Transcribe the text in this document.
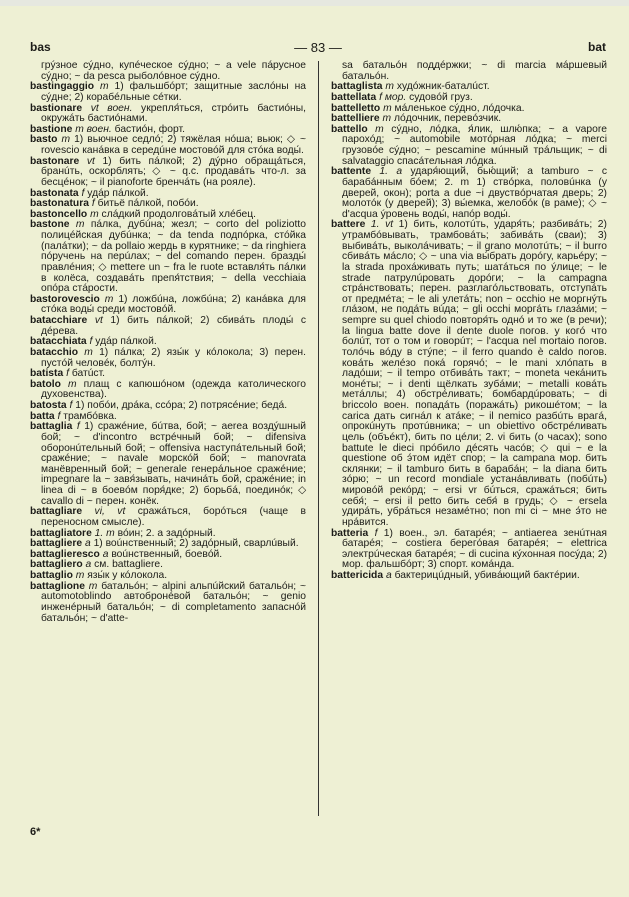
bas	— 83 —	bat

грýзное сýдно, купéческое сýдно; ~ a vele пáрусное сýдно; ~ da pesca рыболóвное сýдно.

bastingaggio m 1) фальшбóрт; защитные заслóны на сýдне; 2) корабéльные сéтки.

bastionare vt воен. укрепля́ться, стрóить бастиóны, окружáть бастиóнами.

bastione m воен. бастиóн, форт.

basto m 1) вьючное седлó; 2) тяжёлая нóша; вьюк; ◇ ~ rovescio канáвка в середúне мостовóй для стóка воды́.

bastonare vt 1) бить пáлкой; 2) дýрно обращáться, бранúть, оскорблять; ◇ ~ q.c. продавáть что-л. за бесцéнок; ~ il pianoforte бренчáть (на рояле).

bastonata f удáр пáлкой.

bastonatura f битьё пáлкой, побóи.

bastoncello m слáдкий продолговáтый хлéбец.

bastone m пáлка, дубúна; жезл; ~ corto del poliziotto полицéйская дубúнка; ~ da tenda подпóрка, стóйка (палáтки); ~ da pollaio жердь в курятнике; ~ da ringhiera пóручень на перúлах; ~ del comando перен. бразды́ правлéния; ◇ mettere un ~ fra le ruote вставля́ть пáлки в колёса, создавáть препя́тствия; ~ della vecchiaia опóра стáрости.

bastorovescio m 1) ложбúна, ложбúна; 2) канáвка для стóка воды́ среди мостовóй.

batacchiare vt 1) бить пáлкой; 2) сбивáть плоды́ с дéрева.

batacchiata f удáр пáлкой.

batacchio m 1) пáлка; 2) язы́к у кóлокола; 3) перен. пустóй человéк, болтýн.

batista f батúст.

batolo m плащ с капюшóном (одежда католического духовенства).

batosta f 1) побóи, дрáка, ссóра; 2) потрясéние; бедá.

batta f трамбóвка.

battaglia f 1) сражéние, бúтва, бой; ~ aerea воздýшный бой; ~ d'incontro встрéчный бой; ~ difensiva оборонúтельный бой; ~ offensiva наступáтельный бой; сражéние; ~ navale морскóй бой; ~ manovrata манёвренный бой; ~ generale генерáльное сражéние; impegnare la ~ завя́зывать, начинáть бой, сражéние; in linea di ~ в боевóм поря́дке; 2) борьбá, поединóк; ◇ cavallo di ~ перен. конёк.

battagliare vi, vt сражáться, борóться (чаще в переносном смысле).

battagliatore 1. m вóин; 2. a задóрный.

battagliere a 1) воúнственный; 2) задóрный, сварлúвый.

battaglieresco a воúнственный, боевóй.

battagliero a см. battagliere.

battaglio m язы́к у кóлокола.

battaglione m батальóн; ~ alpini альпúйский батальóн; ~ automotoblindo автобронéвой батальóн; ~ genio инженéрный батальóн; ~ di completamento запаснóй батальóн; ~ d'atte-

sa батальóн поддéржки; ~ di marcia мáршевый батальóн.

battaglista m худóжник-баталúст.

battellata f мор. судовóй груз.

battelletto m мáленькое сýдно, лóдочка.

battelliere m лóдочник, перевóзчик.

battello m сýдно, лóдка, я́лик, шлю́пка; ~ a vapore парохóд; ~ automobile мотóрная лóдка; ~ merci грузовóе сýдно; ~ pescamine мúнный трáльщик; ~ di salvataggio спасáтельная лóдка.

battente 1. a ударя́ющий, бью́щий; a tamburo ~ с барабáнным бóем; 2. m 1) ствóрка, половúнка (у дверей, окон); porta a due ~i двуствóрчатая дверь; 2) молотóк (у дверей); 3) вы́емка, желобóк (в раме); ◇ ~ d'acqua ýровень воды́, напóр воды́.

battere 1. vt 1) бить, колотúть, ударя́ть; разбивáть; 2) утрамбóвывать, трамбовáть; забивáть (сваи); 3) выбивáть, выколáчивать; ~ il grano молотúть; ~ il burro сбивáть мáсло; ◇ ~ una via вы́брать дорóгу, карьéру; ~ la strada прохáживать путь; шатáться по ýлице; ~ le strade патрулúровать дорóги; ~ la campagna стрáнствовать; перен. разглагóльствовать, отступáть от предмéта; ~ le ali улетáть; non ~ occhio не моргнýть глáзом, не подáть вúда; ~ gli occhi моргáть глазáми; ~ sempre su quel chiodo повторя́ть однó и то же (в речи); la lingua batte dove il dente duole погов. у когó что болúт, тот о том и говорúт; ~ l'acqua nel mortaio погов. толóчь вóду в стýпе; ~ il ferro quando è caldo погов. ковáть желéзо покá горячó; ~ le mani хлóпать в ладóши; ~ il tempo отбивáть такт; ~ moneta чекáнить монéты; ~ i denti щёлкать зубáми; ~ metalli ковáть метáллы; 4) обстрéливать; бомбардúровать; ~ di briccolo воен. попадáть (поражáть) рикошéтом; ~ la carica дать сигнáл к атáке; ~ il nemico разбúть врагá, опрокúнуть протúвника; ~ un obiettivo обстрéливать цель (объéкт), бить по цéли; 2. vi бить (о часах); sono battute le dieci прóбило дéсять часóв; ◇ qui ~ e la questione об э́том идёт спор; ~ la campana мор. бить склянки; ~ il tamburo бить в барабáн; ~ la diana бить зóрю; ~ un record mondiale устанáвливать (побúть) мировóй рекóрд; ~ ersi vr бúться, сражáться; бить себя́; ~ ersi il petto бить себя́ в грудь; ◇ ~ ersela удирáть, убрáться незамéтно; non mi ci ~ мне э́то не нрáвится.

batteria f 1) воен., эл. батарéя; ~ antiaerea зенúтная батарéя; ~ costiera берегóвая батарéя; ~ elettrica электрúческая батарéя; ~ di cucina кýхонная посýда; 2) мор. фальшбóрт; 3) спорт. комáнда.

battericida a бактерицúдный, убивáющий бактéрии.

6*
